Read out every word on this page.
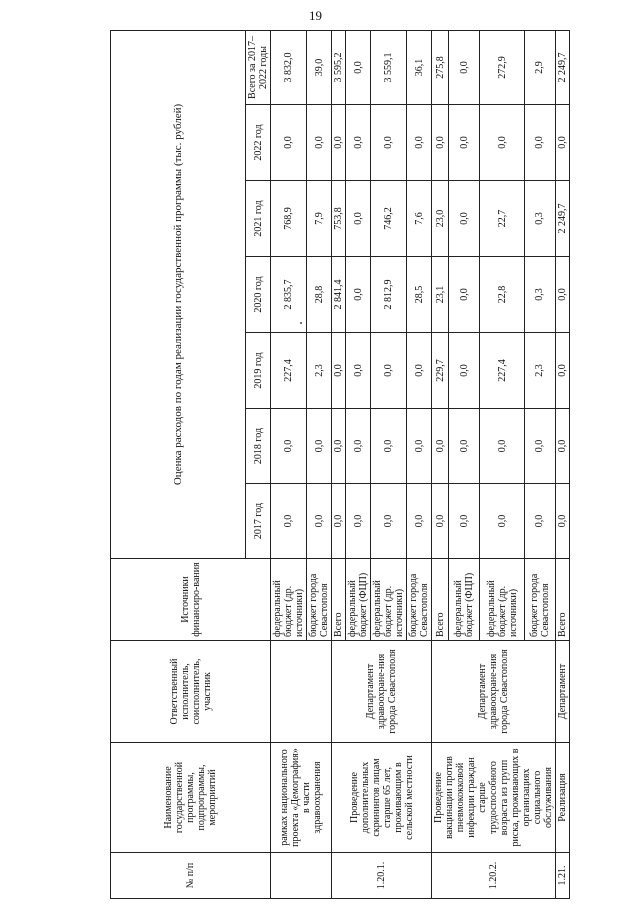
19
№ п/п	Наименование государственной программы, подпрограммы, мероприятий	Ответственный исполнитель, соисполнитель, участник	Источники финансиро-вания	Оценка расходов по годам реализации государственной программы (тыс. рублей)						
				2017 год	2018 год	2019 год	2020 год	2021 год	2022 год	Всего за 2017–2022 годы
	рамках национального проекта «Демография» в части здравоохранения		федеральный бюджет (др. источники)	0,0	0,0	227,4	2 835,7	768,9	0,0	3 832,0
			бюджет города Севастополя	0,0	0,0	2,3	28,8	7,9	0,0	39,0
1.20.1.	Проведение дополнительных скринингов лицам старше 65 лет, проживающим в сельской местности	Департамент здравоохране-ния города Севастополя	Всего	0,0	0,0	0,0	2 841,4	753,8	0,0	3 595,2
			федеральный бюджет (ФЦП)	0,0	0,0	0,0	0,0	0,0	0,0	0,0
			федеральный бюджет (др. источники)	0,0	0,0	0,0	2 812,9	746,2	0,0	3 559,1
			бюджет города Севастополя	0,0	0,0	0,0	28,5	7,6	0,0	36,1
1.20.2.	Проведение вакцинации против пневмококковой инфекции граждан старше трудоспособного возраста из групп риска, проживающих в организациях социального обслуживания	Департамент здравоохране-ния города Севастополя	Всего	0,0	0,0	229,7	23,1	23,0	0,0	275,8
			федеральный бюджет (ФЦП)	0,0	0,0	0,0	0,0	0,0	0,0	0,0
			федеральный бюджет (др. источники)	0,0	0,0	227,4	22,8	22,7	0,0	272,9
			бюджет города Севастополя	0,0	0,0	2,3	0,3	0,3	0,0	2,9
1.21.	Реализация	Департамент	Всего	0,0	0,0	0,0	0,0	2 249,7	0,0	2 249,7
